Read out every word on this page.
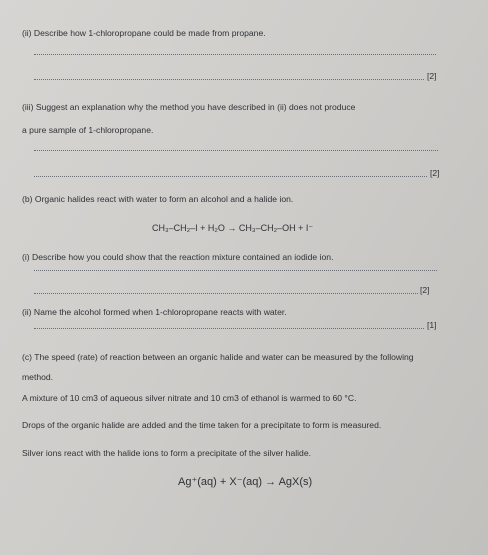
(ii) Describe how 1-chloropropane could be made from propane.
[2]
(iii) Suggest an explanation why the method you have described in (ii) does not produce
a pure sample of 1-chloropropane.
[2]
(b) Organic halides react with water to form an alcohol and a halide ion.
CH₃–CH₂–I + H₂O → CH₃–CH₂–OH + I⁻
(i) Describe how you could show that the reaction mixture contained an iodide ion.
[2]
(ii) Name the alcohol formed when 1-chloropropane reacts with water.
[1]
(c) The speed (rate) of reaction between an organic halide and water can be measured by the following
method.
A mixture of 10 cm3 of aqueous silver nitrate and 10 cm3 of ethanol is warmed to 60 °C.
Drops of the organic halide are added and the time taken for a precipitate to form is measured.
Silver ions react with the halide ions to form a precipitate of the silver halide.
Ag⁺(aq) + X⁻(aq) → AgX(s)
